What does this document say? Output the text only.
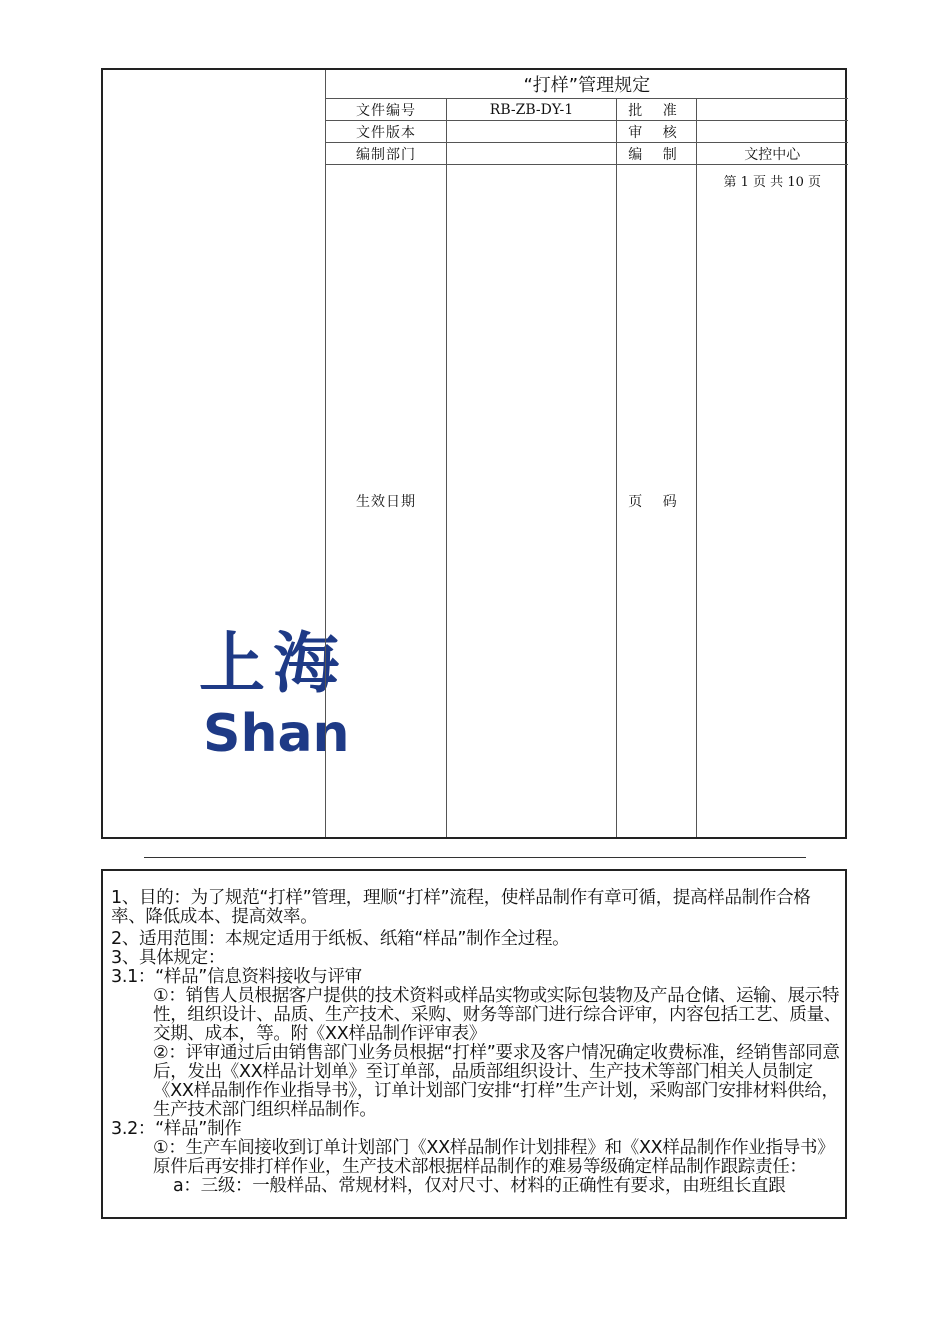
上海
Shan
“打样”管理规定			
文件编号	RB-ZB-DY-1	批 准	
文件版本		审 核	
编制部门		编 制	文控中心
生效日期		页 码	第 1 页 共 10 页

1、目的：为了规范“打样”管理，理顺“打样”流程，使样品制作有章可循，提高样品制作合格率、降低成本、提高效率。

2、适用范围：本规定适用于纸板、纸箱“样品”制作全过程。

3、具体规定：

3.1：“样品”信息资料接收与评审

①：销售人员根据客户提供的技术资料或样品实物或实际包装物及产品仓储、运输、展示特性，组织设计、品质、生产技术、采购、财务等部门进行综合评审，内容包括工艺、质量、交期、成本，等。附《XX样品制作评审表》

②：评审通过后由销售部门业务员根据“打样”要求及客户情况确定收费标准，经销售部同意后，发出《XX样品计划单》至订单部，品质部组织设计、生产技术等部门相关人员制定《XX样品制作作业指导书》，订单计划部门安排“打样”生产计划，采购部门安排材料供给，生产技术部门组织样品制作。

3.2：“样品”制作

①：生产车间接收到订单计划部门《XX样品制作计划排程》和《XX样品制作作业指导书》原件后再安排打样作业，生产技术部根据样品制作的难易等级确定样品制作跟踪责任：

a：三级：一般样品、常规材料，仅对尺寸、材料的正确性有要求，由班组长直跟
